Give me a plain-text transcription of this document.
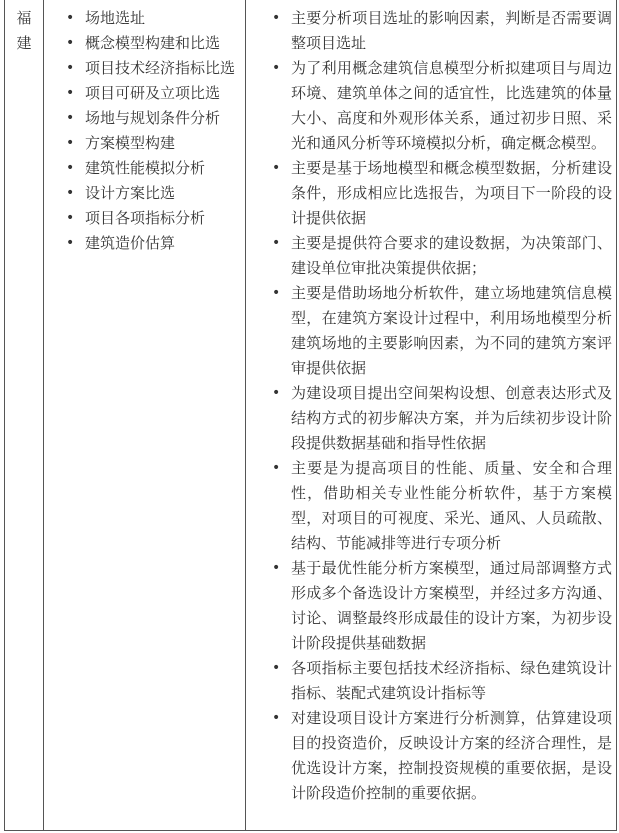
福
建
• 场地选址
• 概念模型构建和比选
• 项目技术经济指标比选
• 项目可研及立项比选
• 场地与规划条件分析
• 方案模型构建
• 建筑性能模拟分析
• 设计方案比选
• 项目各项指标分析
• 建筑造价估算
• 主要分析项目选址的影响因素，判断是否需要调整项目选址
• 为了利用概念建筑信息模型分析拟建项目与周边环境、建筑单体之间的适宜性，比选建筑的体量大小、高度和外观形体关系，通过初步日照、采光和通风分析等环境模拟分析，确定概念模型。
• 主要是基于场地模型和概念模型数据，分析建设条件，形成相应比选报告，为项目下一阶段的设计提供依据
• 主要是提供符合要求的建设数据，为决策部门、建设单位审批决策提供依据；
• 主要是借助场地分析软件，建立场地建筑信息模型，在建筑方案设计过程中，利用场地模型分析建筑场地的主要影响因素，为不同的建筑方案评审提供依据
• 为建设项目提出空间架构设想、创意表达形式及结构方式的初步解决方案，并为后续初步设计阶段提供数据基础和指导性依据
• 主要是为提高项目的性能、质量、安全和合理性，借助相关专业性能分析软件，基于方案模型，对项目的可视度、采光、通风、人员疏散、结构、节能减排等进行专项分析
• 基于最优性能分析方案模型，通过局部调整方式形成多个备选设计方案模型，并经过多方沟通、讨论、调整最终形成最佳的设计方案，为初步设计阶段提供基础数据
• 各项指标主要包括技术经济指标、绿色建筑设计指标、装配式建筑设计指标等
• 对建设项目设计方案进行分析测算，估算建设项目的投资造价，反映设计方案的经济合理性，是优选设计方案，控制投资规模的重要依据，是设计阶段造价控制的重要依据。
